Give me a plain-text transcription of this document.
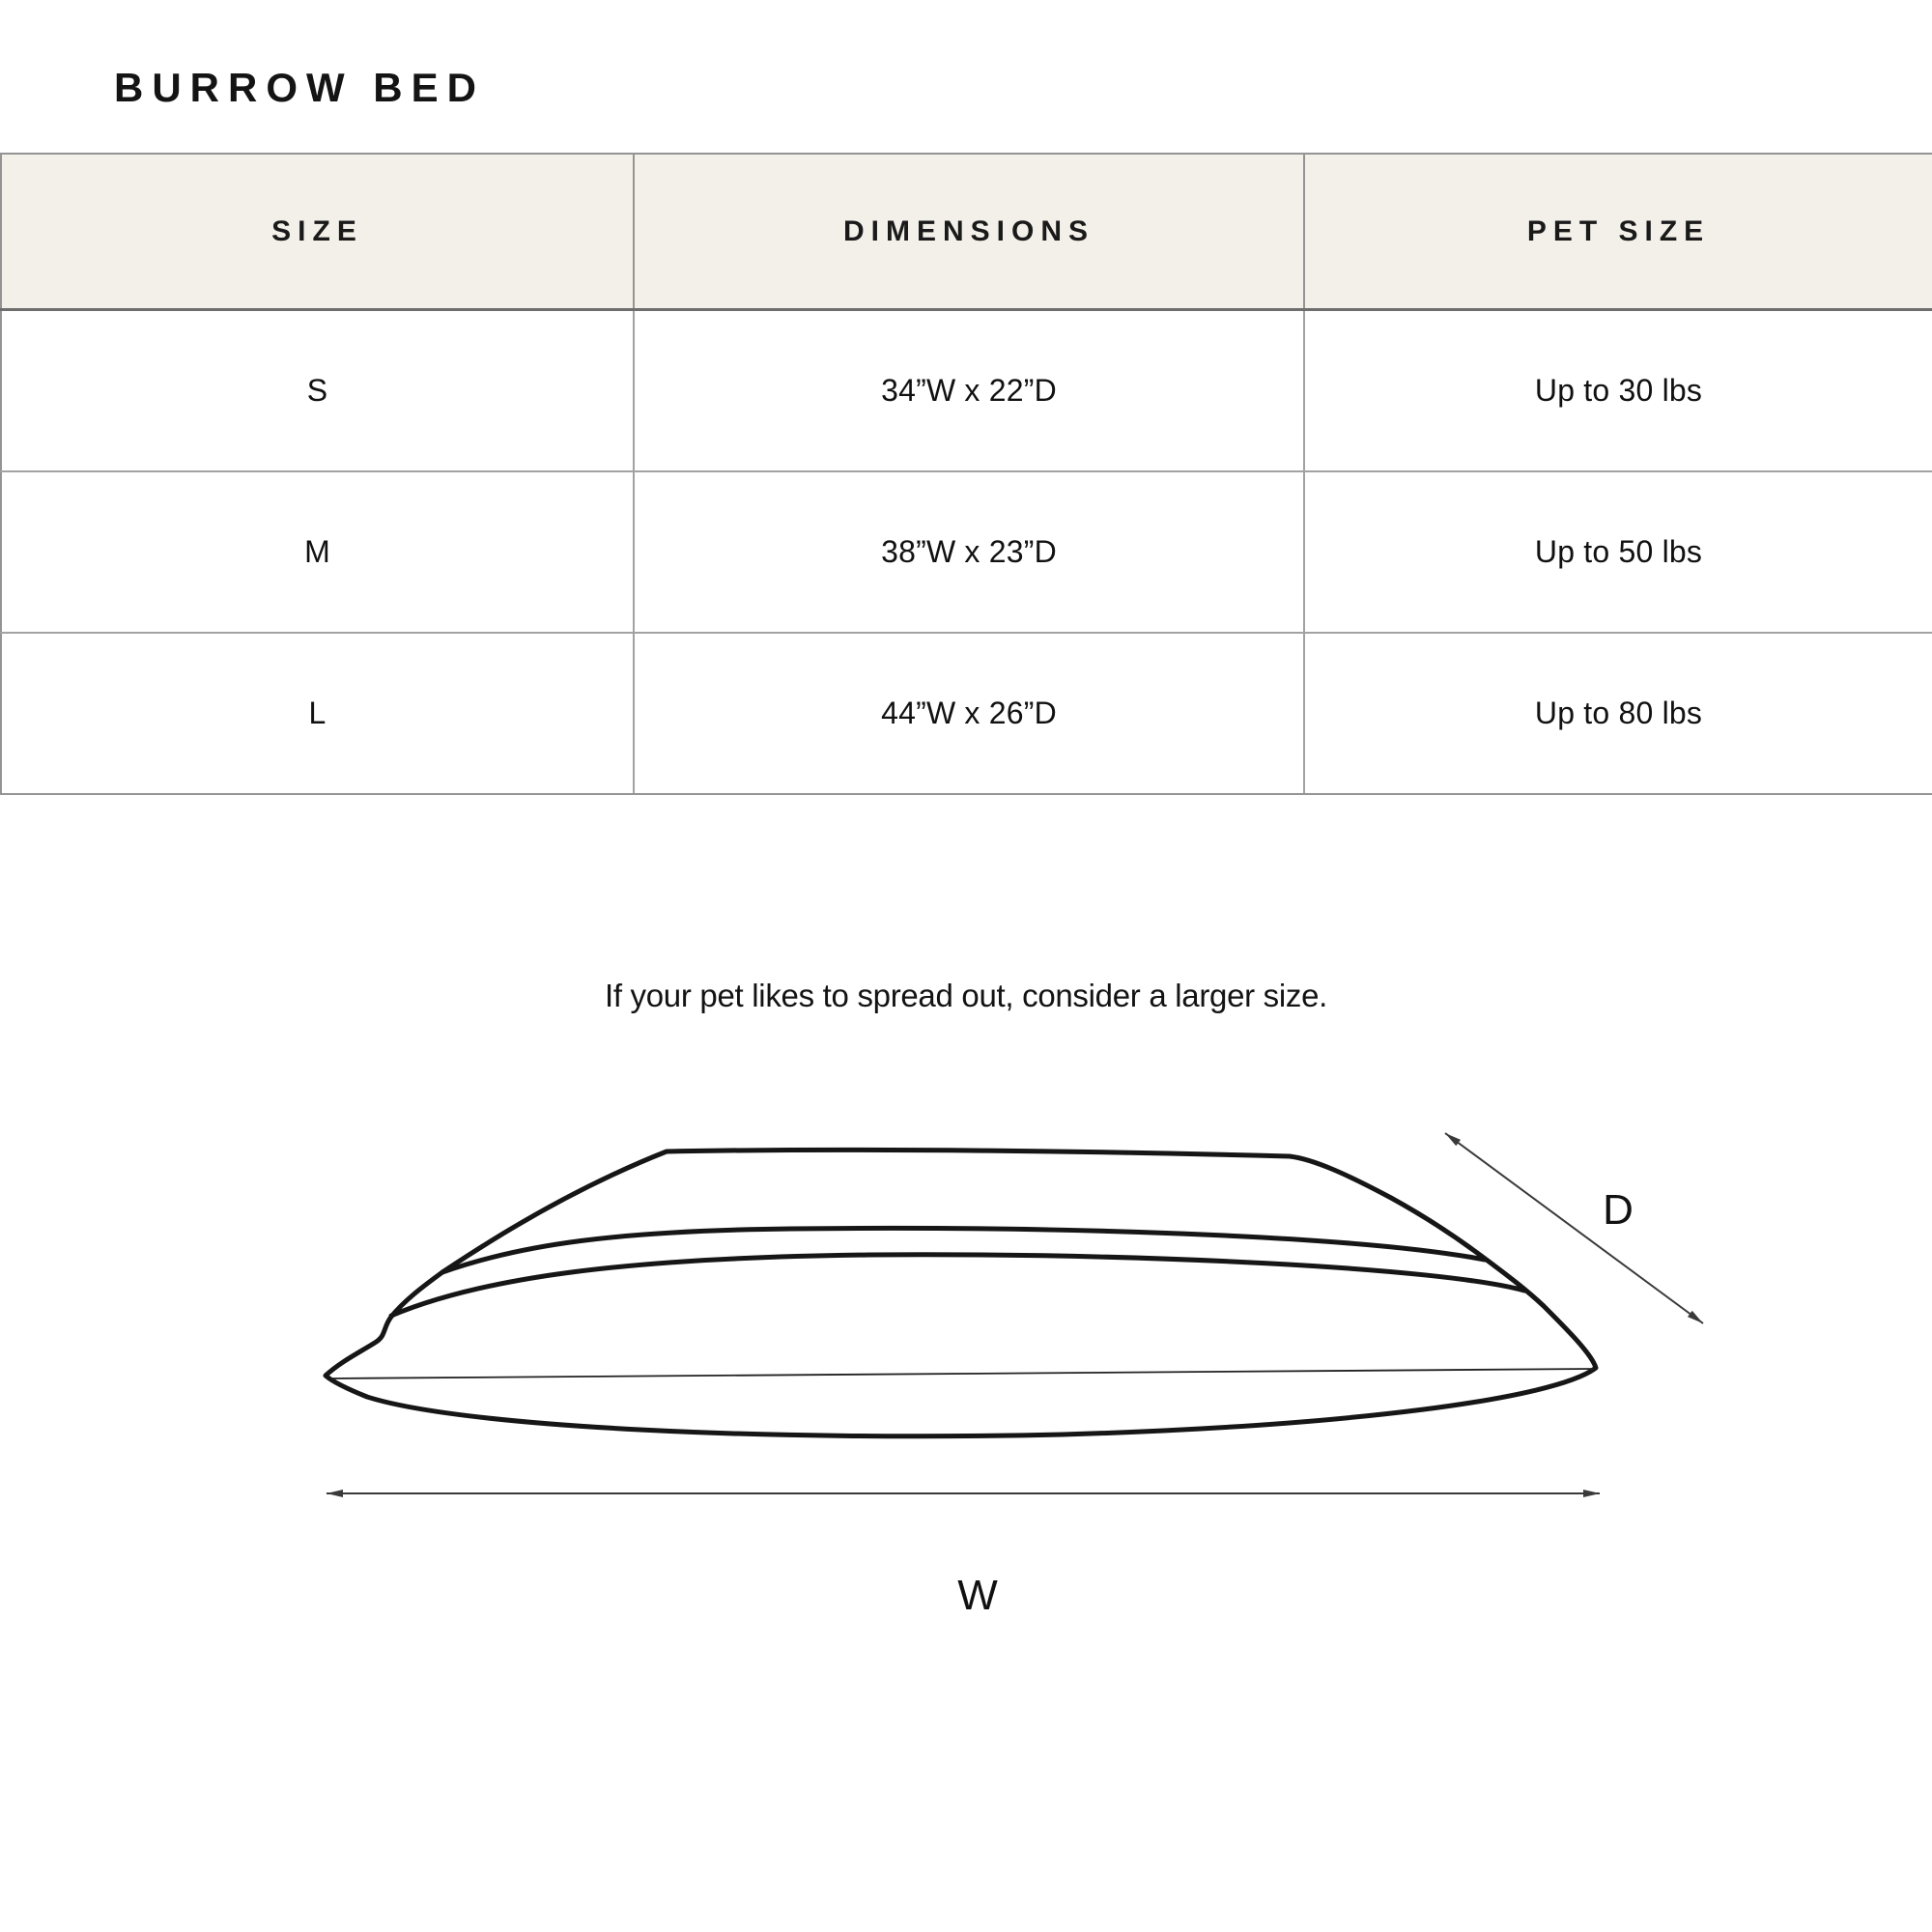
BURROW BED
SIZE	DIMENSIONS	PET SIZE
S	34”W x 22”D	Up to 30 lbs
M	38”W x 23”D	Up to 50 lbs
L	44”W x 26”D	Up to 80 lbs
If your pet likes to spread out, consider a larger size.
D
W
